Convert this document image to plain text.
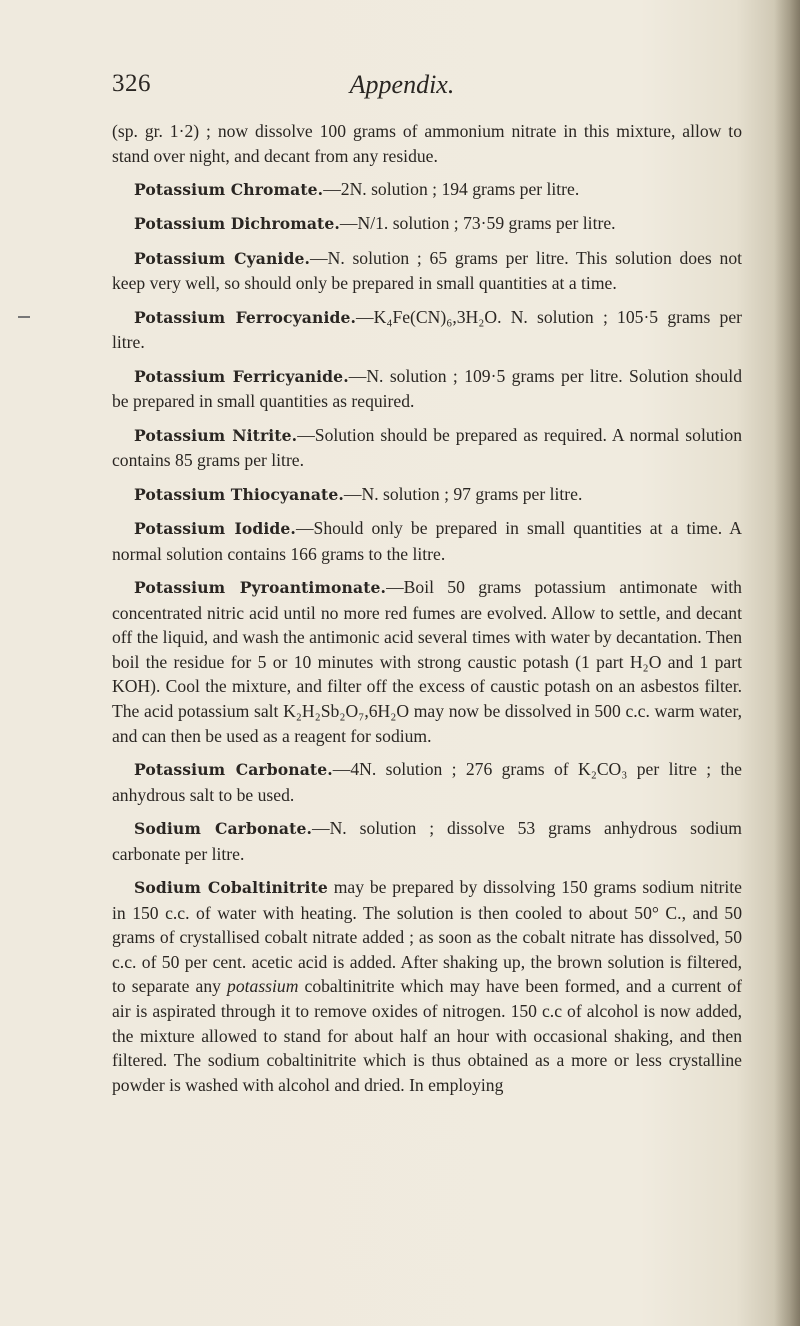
326	Appendix.

(sp. gr. 1·2) ; now dissolve 100 grams of ammonium nitrate in this mixture, allow to stand over night, and decant from any residue.

Potassium Chromate.—2N. solution ; 194 grams per litre.

Potassium Dichromate.—N/1. solution ; 73·59 grams per litre.

Potassium Cyanide.—N. solution ; 65 grams per litre. This solution does not keep very well, so should only be prepared in small quantities at a time.

Potassium Ferrocyanide.—K₄Fe(CN)₆,3H₂O. N. solution ; 105·5 grams per litre.

Potassium Ferricyanide.—N. solution ; 109·5 grams per litre. Solution should be prepared in small quantities as required.

Potassium Nitrite.—Solution should be prepared as required. A normal solution contains 85 grams per litre.

Potassium Thiocyanate.—N. solution ; 97 grams per litre.

Potassium Iodide.—Should only be prepared in small quantities at a time. A normal solution contains 166 grams to the litre.

Potassium Pyroantimonate.—Boil 50 grams potassium antimonate with concentrated nitric acid until no more red fumes are evolved. Allow to settle, and decant off the liquid, and wash the antimonic acid several times with water by decantation. Then boil the residue for 5 or 10 minutes with strong caustic potash (1 part H₂O and 1 part KOH). Cool the mixture, and filter off the excess of caustic potash on an asbestos filter. The acid potassium salt K₂H₂Sb₂O₇,6H₂O may now be dissolved in 500 c.c. warm water, and can then be used as a reagent for sodium.

Potassium Carbonate.—4N. solution ; 276 grams of K₂CO₃ per litre ; the anhydrous salt to be used.

Sodium Carbonate.—N. solution ; dissolve 53 grams anhydrous sodium carbonate per litre.

Sodium Cobaltinitrite may be prepared by dissolving 150 grams sodium nitrite in 150 c.c. of water with heating. The solution is then cooled to about 50° C., and 50 grams of crystallised cobalt nitrate added ; as soon as the cobalt nitrate has dissolved, 50 c.c. of 50 per cent. acetic acid is added. After shaking up, the brown solution is filtered, to separate any potassium cobaltinitrite which may have been formed, and a current of air is aspirated through it to remove oxides of nitrogen. 150 c.c of alcohol is now added, the mixture allowed to stand for about half an hour with occasional shaking, and then filtered. The sodium cobaltinitrite which is thus obtained as a more or less crystalline powder is washed with alcohol and dried. In employing
